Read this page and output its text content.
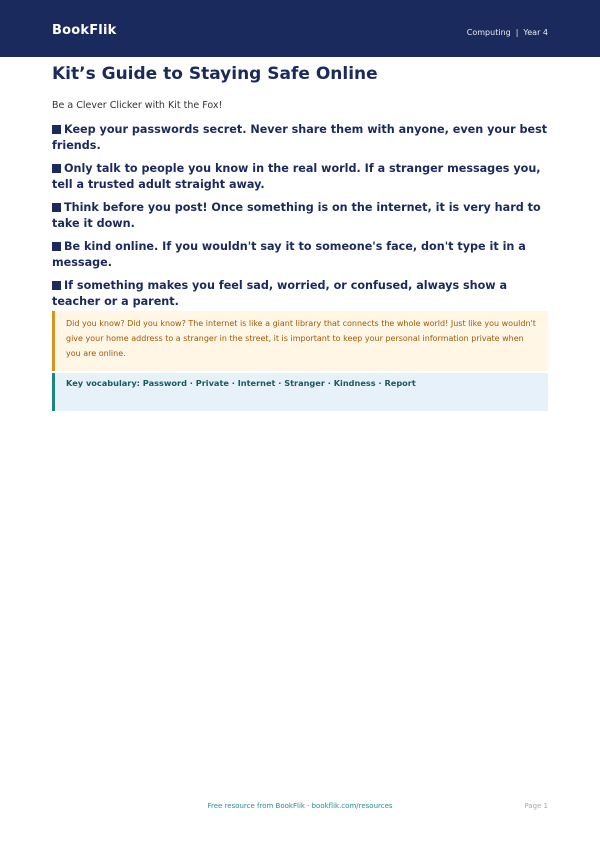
BookFlik	Computing | Year 4
Kit’s Guide to Staying Safe Online
Be a Clever Clicker with Kit the Fox!
Keep your passwords secret. Never share them with anyone, even your best friends.
Only talk to people you know in the real world. If a stranger messages you, tell a trusted adult straight away.
Think before you post! Once something is on the internet, it is very hard to take it down.
Be kind online. If you wouldn't say it to someone's face, don't type it in a message.
If something makes you feel sad, worried, or confused, always show a teacher or a parent.
Did you know? Did you know? The internet is like a giant library that connects the whole world! Just like you wouldn't give your home address to a stranger in the street, it is important to keep your personal information private when you are online.
Key vocabulary: Password · Private · Internet · Stranger · Kindness · Report
Free resource from BookFlik · bookflik.com/resources	Page 1
